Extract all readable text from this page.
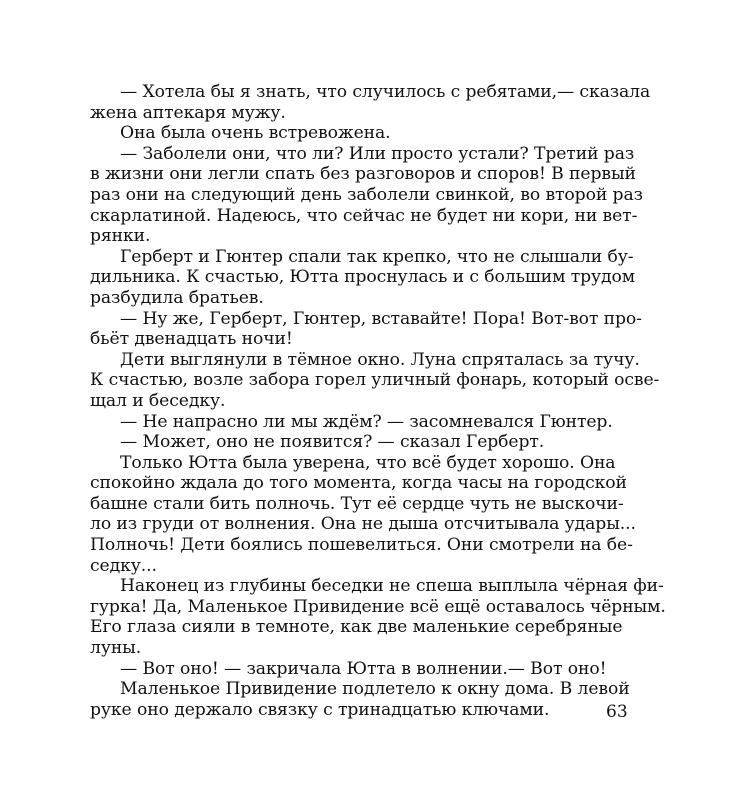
— Хотела бы я знать, что случилось с ребятами,— сказала
жена аптекаря мужу.
Она была очень встревожена.
— Заболели они, что ли? Или просто устали? Третий раз
в жизни они легли спать без разговоров и споров! В первый
раз они на следующий день заболели свинкой, во второй раз
скарлатиной. Надеюсь, что сейчас не будет ни кори, ни вет-
рянки.
Герберт и Гюнтер спали так крепко, что не слышали бу-
дильника. К счастью, Ютта проснулась и с большим трудом
разбудила братьев.
— Ну же, Герберт, Гюнтер, вставайте! Пора! Вот-вот про-
бьёт двенадцать ночи!
Дети выглянули в тёмное окно. Луна спряталась за тучу.
К счастью, возле забора горел уличный фонарь, который осве-
щал и беседку.
— Не напрасно ли мы ждём? — засомневался Гюнтер.
— Может, оно не появится? — сказал Герберт.
Только Ютта была уверена, что всё будет хорошо. Она
спокойно ждала до того момента, когда часы на городской
башне стали бить полночь. Тут её сердце чуть не выскочи-
ло из груди от волнения. Она не дыша отсчитывала удары...
Полночь! Дети боялись пошевелиться. Они смотрели на бе-
седку...
Наконец из глубины беседки не спеша выплыла чёрная фи-
гурка! Да, Маленькое Привидение всё ещё оставалось чёрным.
Его глаза сияли в темноте, как две маленькие серебряные
луны.
— Вот оно! — закричала Ютта в волнении.— Вот оно!
Маленькое Привидение подлетело к окну дома. В левой
руке оно держало связку с тринадцатью ключами.	63
